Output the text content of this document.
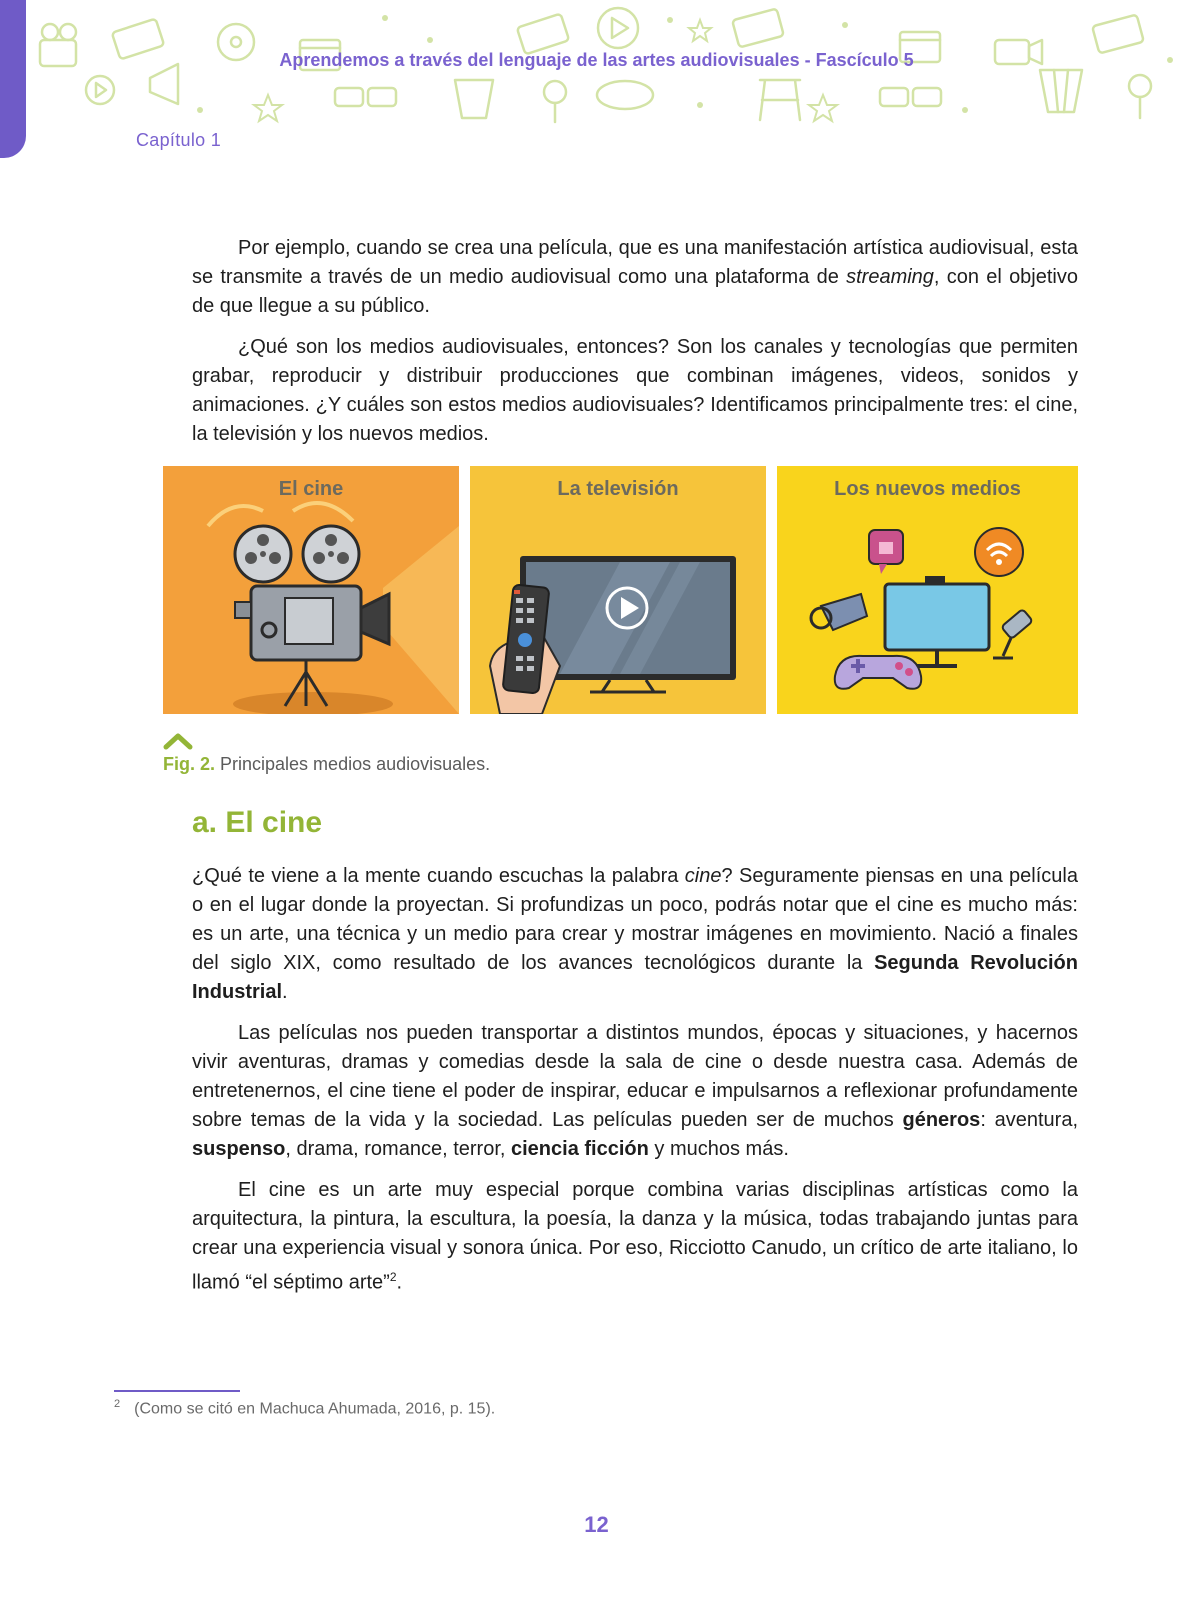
Aprendemos a través del lenguaje de las artes audiovisuales - Fascículo 5
Capítulo 1

Por ejemplo, cuando se crea una película, que es una manifestación artística audiovisual, esta se transmite a través de un medio audiovisual como una plataforma de streaming, con el objetivo de que llegue a su público.

¿Qué son los medios audiovisuales, entonces? Son los canales y tecnologías que permiten grabar, reproducir y distribuir producciones que combinan imágenes, videos, sonidos y animaciones. ¿Y cuáles son estos medios audiovisuales? Identificamos principalmente tres: el cine, la televisión y los nuevos medios.

El cine	La televisión	Los nuevos medios
Fig. 2. Principales medios audiovisuales.
a. El cine

¿Qué te viene a la mente cuando escuchas la palabra cine? Seguramente piensas en una película o en el lugar donde la proyectan. Si profundizas un poco, podrás notar que el cine es mucho más: es un arte, una técnica y un medio para crear y mostrar imágenes en movimiento. Nació a finales del siglo XIX, como resultado de los avances tecnológicos durante la Segunda Revolución Industrial.

Las películas nos pueden transportar a distintos mundos, épocas y situaciones, y hacernos vivir aventuras, dramas y comedias desde la sala de cine o desde nuestra casa. Además de entretenernos, el cine tiene el poder de inspirar, educar e impulsarnos a reflexionar profundamente sobre temas de la vida y la sociedad. Las películas pueden ser de muchos géneros: aventura, suspenso, drama, romance, terror, ciencia ficción y muchos más.

El cine es un arte muy especial porque combina varias disciplinas artísticas como la arquitectura, la pintura, la escultura, la poesía, la danza y la música, todas trabajando juntas para crear una experiencia visual y sonora única. Por eso, Ricciotto Canudo, un crítico de arte italiano, lo llamó “el séptimo arte”$^2$.

$^2$ (Como se citó en Machuca Ahumada, 2016, p. 15).
12
